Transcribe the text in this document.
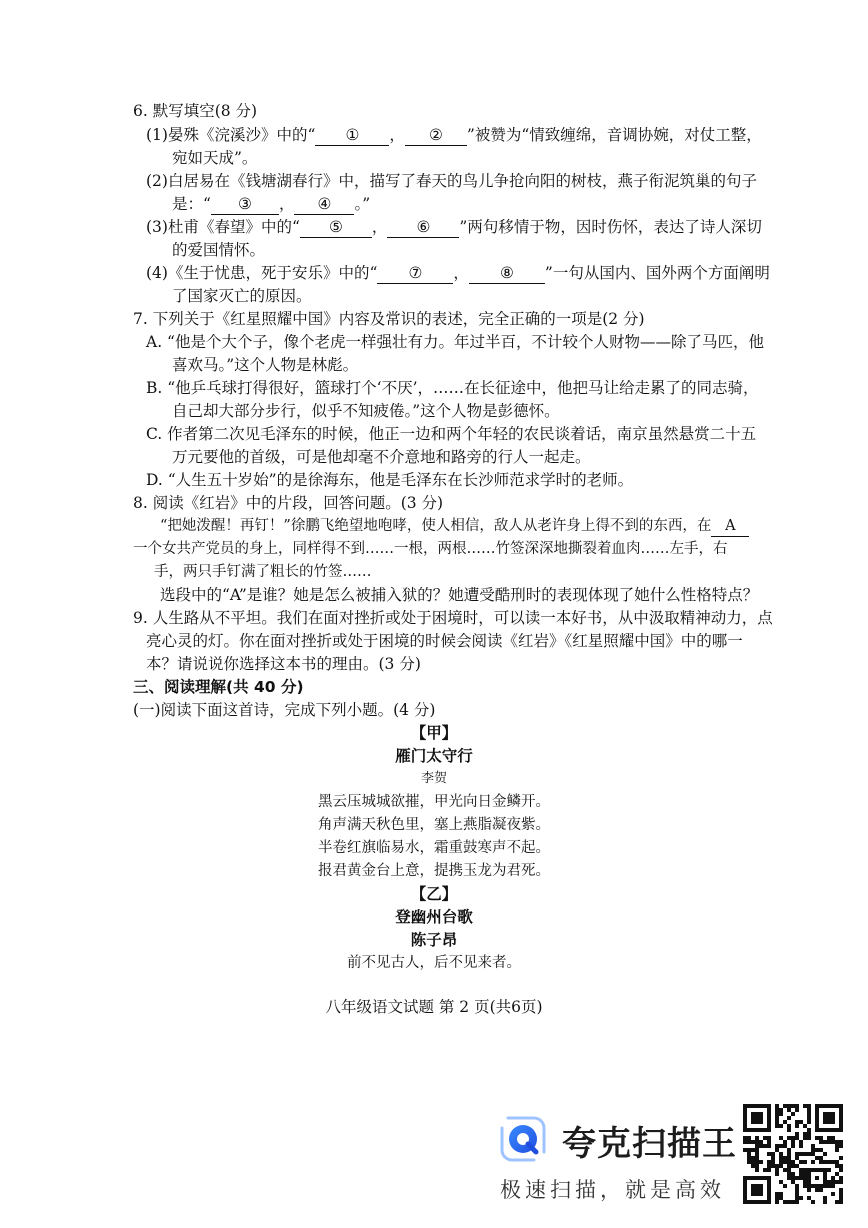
6. 默写填空(8 分)
(1)晏殊《浣溪沙》中的“ ① ， ② ”被赞为“情致缠绵，音调协婉，对仗工整，
宛如天成”。
(2)白居易在《钱塘湖春行》中，描写了春天的鸟儿争抢向阳的树枝，燕子衔泥筑巢的句子
是：“ ③ ， ④ 。”
(3)杜甫《春望》中的“ ⑤ ， ⑥ ”两句移情于物，因时伤怀，表达了诗人深切
的爱国情怀。
(4)《生于忧患，死于安乐》中的“ ⑦ ， ⑧ ”一句从国内、国外两个方面阐明
了国家灭亡的原因。
7. 下列关于《红星照耀中国》内容及常识的表述，完全正确的一项是(2 分)
A. “他是个大个子，像个老虎一样强壮有力。年过半百，不计较个人财物——除了马匹，他
喜欢马。”这个人物是林彪。
B. “他乒乓球打得很好，篮球打个‘不厌’，……在长征途中，他把马让给走累了的同志骑，
自己却大部分步行，似乎不知疲倦。”这个人物是彭德怀。
C. 作者第二次见毛泽东的时候，他正一边和两个年轻的农民谈着话，南京虽然悬赏二十五
万元要他的首级，可是他却毫不介意地和路旁的行人一起走。
D. “人生五十岁始”的是徐海东，他是毛泽东在长沙师范求学时的老师。
8. 阅读《红岩》中的片段，回答问题。(3 分)
“把她泼醒！再钉！”徐鹏飞绝望地咆哮，使人相信，敌人从老许身上得不到的东西，在 A
一个女共产党员的身上，同样得不到……一根，两根……竹签深深地撕裂着血肉……左手，右
手，两只手钉满了粗长的竹签……
选段中的“A”是谁？她是怎么被捕入狱的？她遭受酷刑时的表现体现了她什么性格特点？
9. 人生路从不平坦。我们在面对挫折或处于困境时，可以读一本好书，从中汲取精神动力，点
亮心灵的灯。你在面对挫折或处于困境的时候会阅读《红岩》《红星照耀中国》中的哪一
本？请说说你选择这本书的理由。(3 分)
三、阅读理解(共 40 分)
(一)阅读下面这首诗，完成下列小题。(4 分)
【甲】
雁门太守行
李贺
黑云压城城欲摧，甲光向日金鳞开。
角声满天秋色里，塞上燕脂凝夜紫。
半卷红旗临易水，霜重鼓寒声不起。
报君黄金台上意，提携玉龙为君死。
【乙】
登幽州台歌
陈子昂
前不见古人，后不见来者。
八年级语文试题 第 2 页(共6页)
夸克扫描王
极速扫描，就是高效
